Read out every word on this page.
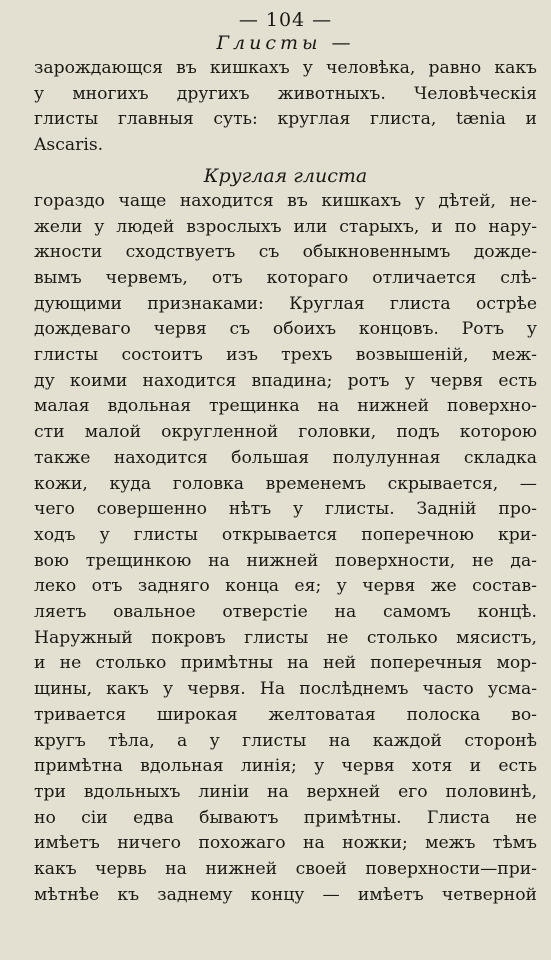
— 104 —
Глисты —
зарождающся въ кишкахъ у человѣка, равно какъ
у многихъ другихъ животныхъ. Человѣческія
глисты главныя суть: круглая глиста, tænia и
Ascaris.
Круглая глиста
гораздо чаще находится въ кишкахъ у дѣтей, не-
жели у людей взрослыхъ или старыхъ, и по нару-
жности сходствуетъ съ обыкновеннымъ дожде-
вымъ червемъ, отъ котораго отличается слѣ-
дующими признаками: Круглая глиста острѣе
дождеваго червя съ обоихъ концовъ. Ротъ у
глисты состоитъ изъ трехъ возвышеній, меж-
ду коими находится впадина; ротъ у червя есть
малая вдольная трещинка на нижней поверхно-
сти малой округленной головки, подъ которою
также находится большая полулунная складка
кожи, куда головка временемъ скрывается, —
чего совершенно нѣтъ у глисты. Задній про-
ходъ у глисты открывается поперечною кри-
вою трещинкою на нижней поверхности, не да-
леко отъ задняго конца ея; у червя же состав-
ляетъ овальное отверстіе на самомъ концѣ.
Наружный покровъ глисты не столько мясистъ,
и не столько примѣтны на ней поперечныя мор-
щины, какъ у червя. На послѣднемъ часто усма-
триваетcя широкая желтоватая полоска во-
кругъ тѣла, а у глисты на каждой сторонѣ
примѣтна вдольная линія; у червя хотя и есть
три вдольныхъ линіи на верхней его половинѣ,
но сіи едва бываютъ примѣтны. Глиста не
имѣетъ ничего похожаго на ножки; межъ тѣмъ
какъ червь на нижней своей поверхности—при-
мѣтнѣе къ заднему концу — имѣетъ четверной
